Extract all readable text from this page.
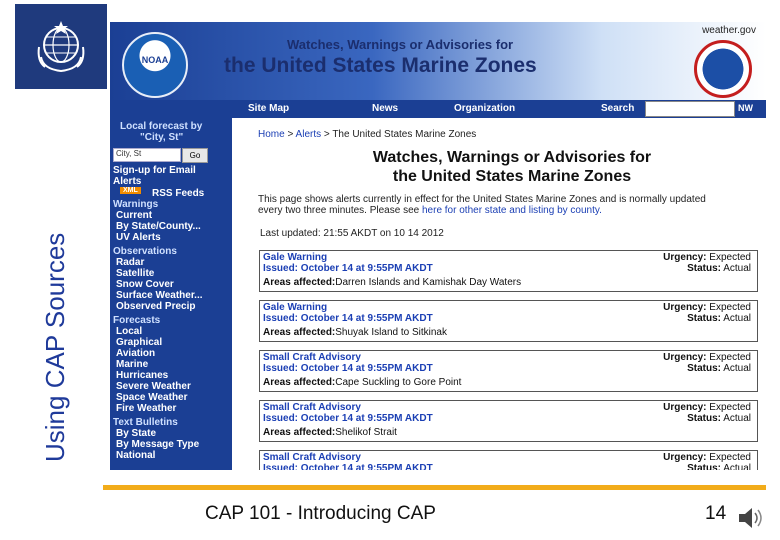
Using CAP Sources
NOAA
Watches, Warnings or Advisories for
the United States Marine Zones
weather.gov
Site Map	News	Organization	Search	NW
Local forecast by
"City, St"
City, St	Go
Sign-up for Email
Alerts
XML	RSS Feeds
Warnings
Current
By State/County...
UV Alerts
Observations
Radar
Satellite
Snow Cover
Surface Weather...
Observed Precip
Forecasts
Local
Graphical
Aviation
Marine
Hurricanes
Severe Weather
Space Weather
Fire Weather
Text Bulletins
By State
By Message Type
National
Home > Alerts > The United States Marine Zones
Watches, Warnings or Advisories for
the United States Marine Zones
This page shows alerts currently in effect for the United States Marine Zones and is normally updated
every two three minutes. Please see here for other state and listing by county.
Last updated: 21:55 AKDT on 10 14 2012
Gale Warning
Issued: October 14 at 9:55PM AKDT
Areas affected:Darren Islands and Kamishak Day Waters
Urgency: Expected
Status: Actual
Gale Warning
Issued: October 14 at 9:55PM AKDT
Areas affected:Shuyak Island to Sitkinak
Urgency: Expected
Status: Actual
Small Craft Advisory
Issued: October 14 at 9:55PM AKDT
Areas affected:Cape Suckling to Gore Point
Urgency: Expected
Status: Actual
Small Craft Advisory
Issued: October 14 at 9:55PM AKDT
Areas affected:Shelikof Strait
Urgency: Expected
Status: Actual
Small Craft Advisory
Issued: October 14 at 9:55PM AKDT
Urgency: Expected
Status: Actual
CAP 101 - Introducing CAP	14
